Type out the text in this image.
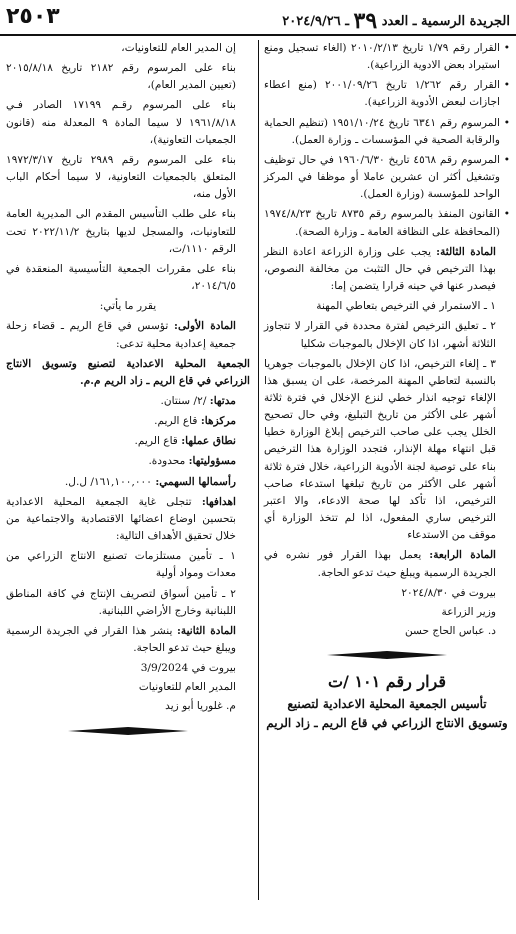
الجريدة الرسمية ـ العدد ٣٩ ـ ٢٠٢٤/٩/٢٦
٢٥٠٣

• القرار رقم ١/٧٩ تاريخ ٢٠١٠/٢/١٣ (الغاء تسجيل ومنع استيراد بعض الادوية الزراعية).

• القرار رقم ١/٢٦٢ تاريخ ٢٠٠١/٠٩/٢٦ (منع اعطاء اجازات لبعض الأدوية الزراعية).

• المرسوم رقم ٦٣٤١ تاريخ ١٩٥١/١٠/٢٤ (تنظيم الحماية والرقابة الصحية في المؤسسات ـ وزارة العمل).

• المرسوم رقم ٤٥٦٨ تاريخ ١٩٦٠/٦/٣٠ في حال توظيف وتشغيل أكثر ان عشرين عاملا أو موظفا في المركز الواحد للمؤسسة (وزارة العمل).

• القانون المنفذ بالمرسوم رقم ٨٧٣٥ تاريخ ١٩٧٤/٨/٢٣ (المحافظة على النظافة العامة ـ وزارة الصحة).

المادة الثالثة: يجب على وزارة الزراعة اعادة النظر بهذا الترخيص في حال التثبت من مخالفة النصوص، فيصدر عنها في حينه قرارا يتضمن إما:

١ ـ الاستمرار في الترخيص بتعاطي المهنة

٢ ـ تعليق الترخيص لفترة محددة في القرار لا تتجاوز الثلاثة أشهر، اذا كان الإخلال بالموجبات شكليا

٣ ـ إلغاء الترخيص، اذا كان الإخلال بالموجبات جوهريا بالنسبة لتعاطي المهنة المرخصة، على ان يسبق هذا الإلغاء توجيه انذار خطي لنزع الإخلال في فترة ثلاثة أشهر على الأكثر من تاريخ التبليغ، وفي حال تصحيح الخلل يجب على صاحب الترخيص إبلاغ الوزارة خطيا قبل انتهاء مهلة الإنذار، فتجدد الوزارة هذا الترخيص بناء على توصية لجنة الأدوية الزراعية، خلال فترة ثلاثة أشهر على الأكثر من تاريخ تبلغها استدعاء صاحب الترخيص، اذا تأكد لها صحة الادعاء، والا اعتبر الترخيص ساري المفعول، اذا لم تتخذ الوزارة أي موقف من الاستدعاء

المادة الرابعة: يعمل بهذا القرار فور نشره في الجريدة الرسمية ويبلغ حيث تدعو الحاجة.

بيروت في ٢٠٢٤/٨/٣٠

وزير الزراعة

د. عباس الحاج حسن

قرار رقم ١٠١ /ت
تأسيس الجمعية المحلية الاعدادية لتصنيع
وتسويق الانتاج الزراعي في قاع الريم ـ زاد الريم

إن المدير العام للتعاونيات،

بناء على المرسوم رقم ٢١٨٢ تاريخ ٢٠١٥/٨/١٨ (تعيين المدير العام)،

بناء على المرسوم رقـم ١٧١٩٩ الصادر فـي ١٩٦١/٨/١٨ لا سيما المادة ٩ المعدلة منه (قانون الجمعيات التعاونية)،

بناء على المرسوم رقم ٢٩٨٩ تاريخ ١٩٧٢/٣/١٧ المتعلق بالجمعيات التعاونية، لا سيما أحكام الباب الأول منه،

بناء على طلب التأسيس المقدم الى المديرية العامة للتعاونيات، والمسجل لديها بتاريخ ٢٠٢٢/١١/٢ تحت الرقم ١١١٠/ت،

بناء على مقررات الجمعية التأسيسية المنعقدة في ٢٠١٤/٦/٥،

يقرر ما يأتي:

المادة الأولى: تؤسس في قاع الريم ـ قضاء زحلة جمعية إعدادية محلية تدعى:

الجمعية المحلية الاعدادية لتصنيع وتسويق الانتاج الزراعي في قاع الريم ـ زاد الريم م.م.

مدتها: /٢/ سنتان.

مركزها: قاع الريم.

نطاق عملها: قاع الريم.

مسؤوليتها: محدودة.

رأسمالها السهمي: ١٦١,١٠٠,٠٠٠/ ل.ل.

اهدافها: تتجلى غاية الجمعية المحلية الاعدادية بتحسين اوضاع اعضائها الاقتصادية والاجتماعية من خلال تحقيق الأهداف التالية:

١ ـ تأمين مستلزمات تصنيع الانتاج الزراعي من معدات ومواد أولية

٢ ـ تأمين أسواق لتصريف الإنتاج في كافة المناطق اللبنانية وخارج الأراضي اللبنانية.

المادة الثانية: ينشر هذا القرار في الجريدة الرسمية ويبلغ حيث تدعو الحاجة.

بيروت في 3/9/2024

المدير العام للتعاونيات

م. غلوريا أبو زيد
